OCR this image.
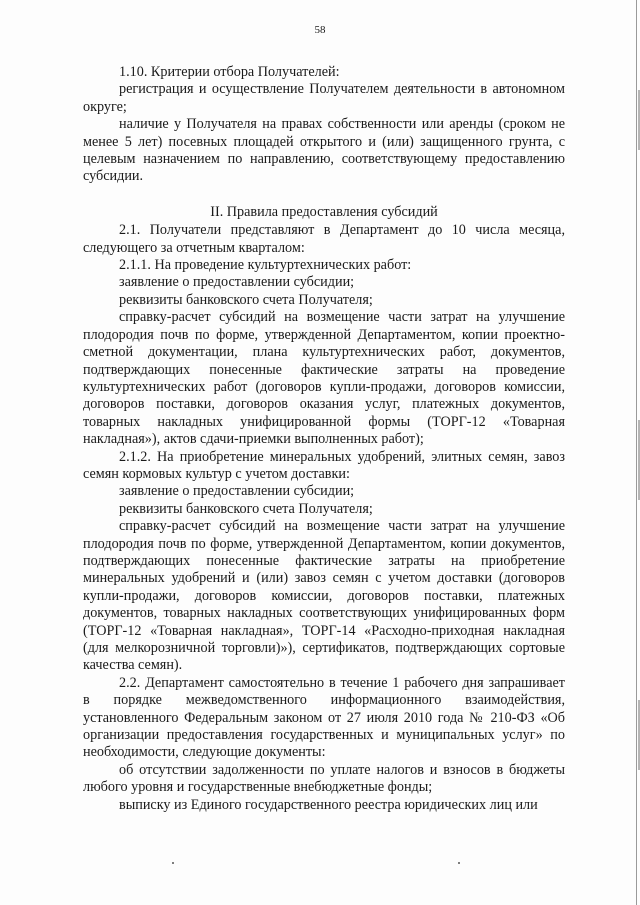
58

1.10. Критерии отбора Получателей:

регистрация и осуществление Получателем деятельности в автономном округе;

наличие у Получателя на правах собственности или аренды (сроком не менее 5 лет) посевных площадей открытого и (или) защищенного грунта, с целевым назначением по направлению, соответствующему предоставлению субсидии.

II. Правила предоставления субсидий

2.1. Получатели представляют в Департамент до 10 числа месяца, следующего за отчетным кварталом:

2.1.1. На проведение культуртехнических работ:

заявление о предоставлении субсидии;

реквизиты банковского счета Получателя;

справку-расчет субсидий на возмещение части затрат на улучшение плодородия почв по форме, утвержденной Департаментом, копии проектно-сметной документации, плана культуртехнических работ, документов, подтверждающих понесенные фактические затраты на проведение культуртехнических работ (договоров купли-продажи, договоров комиссии, договоров поставки, договоров оказания услуг, платежных документов, товарных накладных унифицированной формы (ТОРГ-12 «Товарная накладная»), актов сдачи-приемки выполненных работ);

2.1.2. На приобретение минеральных удобрений, элитных семян, завоз семян кормовых культур с учетом доставки:

заявление о предоставлении субсидии;

реквизиты банковского счета Получателя;

справку-расчет субсидий на возмещение части затрат на улучшение плодородия почв по форме, утвержденной Департаментом, копии документов, подтверждающих понесенные фактические затраты на приобретение минеральных удобрений и (или) завоз семян с учетом доставки (договоров купли-продажи, договоров комиссии, договоров поставки, платежных документов, товарных накладных соответствующих унифицированных форм (ТОРГ-12 «Товарная накладная», ТОРГ-14 «Расходно-приходная накладная (для мелкорозничной торговли)»), сертификатов, подтверждающих сортовые качества семян).

2.2. Департамент самостоятельно в течение 1 рабочего дня запрашивает в порядке межведомственного информационного взаимодействия, установленного Федеральным законом от 27 июля 2010 года № 210-ФЗ «Об организации предоставления государственных и муниципальных услуг» по необходимости, следующие документы:

об отсутствии задолженности по уплате налогов и взносов в бюджеты любого уровня и государственные внебюджетные фонды;

выписку из Единого государственного реестра юридических лиц или
